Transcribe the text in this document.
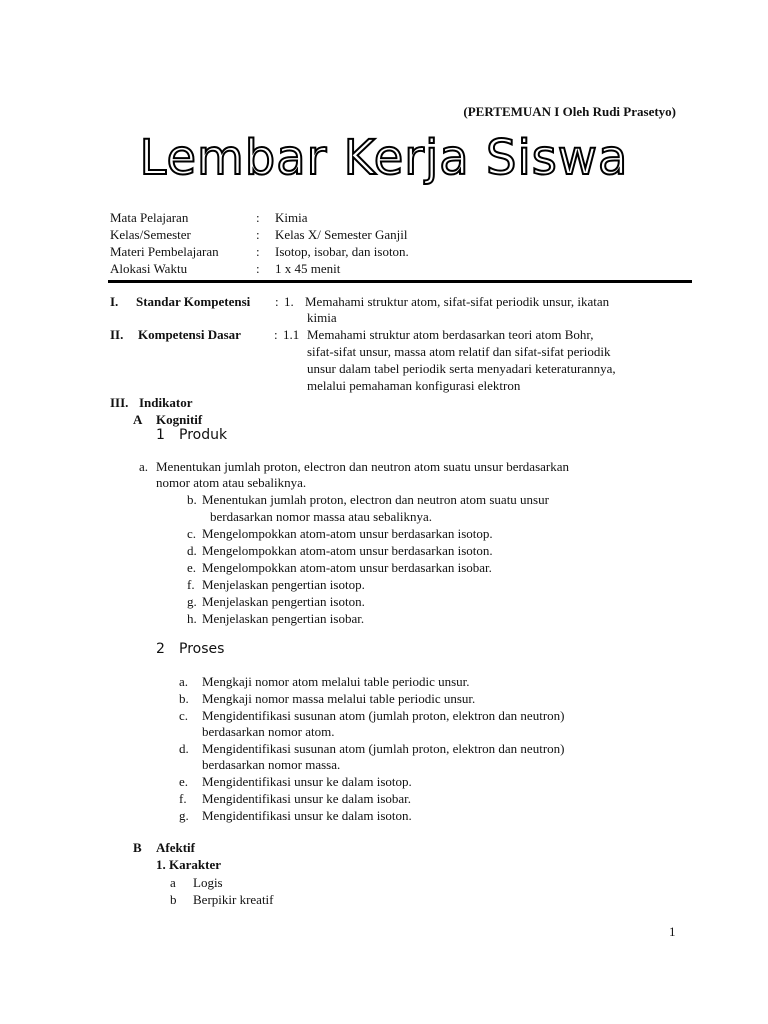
(PERTEMUAN I Oleh Rudi Prasetyo)
Lembar Kerja Siswa
Mata Pelajaran	: Kimia
Kelas/Semester	: Kelas X/ Semester Ganjil
Materi Pembelajaran	: Isotop, isobar, dan isoton.
Alokasi Waktu	: 1 x 45 menit
I. Standar Kompetensi : 1. Memahami struktur atom, sifat-sifat periodik unsur, ikatan
kimia
II. Kompetensi Dasar	: 1.1 Memahami struktur atom berdasarkan teori atom Bohr,
sifat-sifat unsur, massa atom relatif dan sifat-sifat periodik
unsur dalam tabel periodik serta menyadari keteraturannya,
melalui pemahaman konfigurasi elektron
III. Indikator
A Kognitif
1 Produk
a. Menentukan jumlah proton, electron dan neutron atom suatu unsur berdasarkan
nomor atom atau sebaliknya.
b. Menentukan jumlah proton, electron dan neutron atom suatu unsur
berdasarkan nomor massa atau sebaliknya.
c. Mengelompokkan atom-atom unsur berdasarkan isotop.
d. Mengelompokkan atom-atom unsur berdasarkan isoton.
e. Mengelompokkan atom-atom unsur berdasarkan isobar.
f. Menjelaskan pengertian isotop.
g. Menjelaskan pengertian isoton.
h. Menjelaskan pengertian isobar.
2 Proses
a. Mengkaji nomor atom melalui table periodic unsur.
b. Mengkaji nomor massa melalui table periodic unsur.
c. Mengidentifikasi susunan atom (jumlah proton, elektron dan neutron)
berdasarkan nomor atom.
d. Mengidentifikasi susunan atom (jumlah proton, elektron dan neutron)
berdasarkan nomor massa.
e. Mengidentifikasi unsur ke dalam isotop.
f. Mengidentifikasi unsur ke dalam isobar.
g. Mengidentifikasi unsur ke dalam isoton.
B Afektif
1. Karakter
a Logis
b Berpikir kreatif
1
